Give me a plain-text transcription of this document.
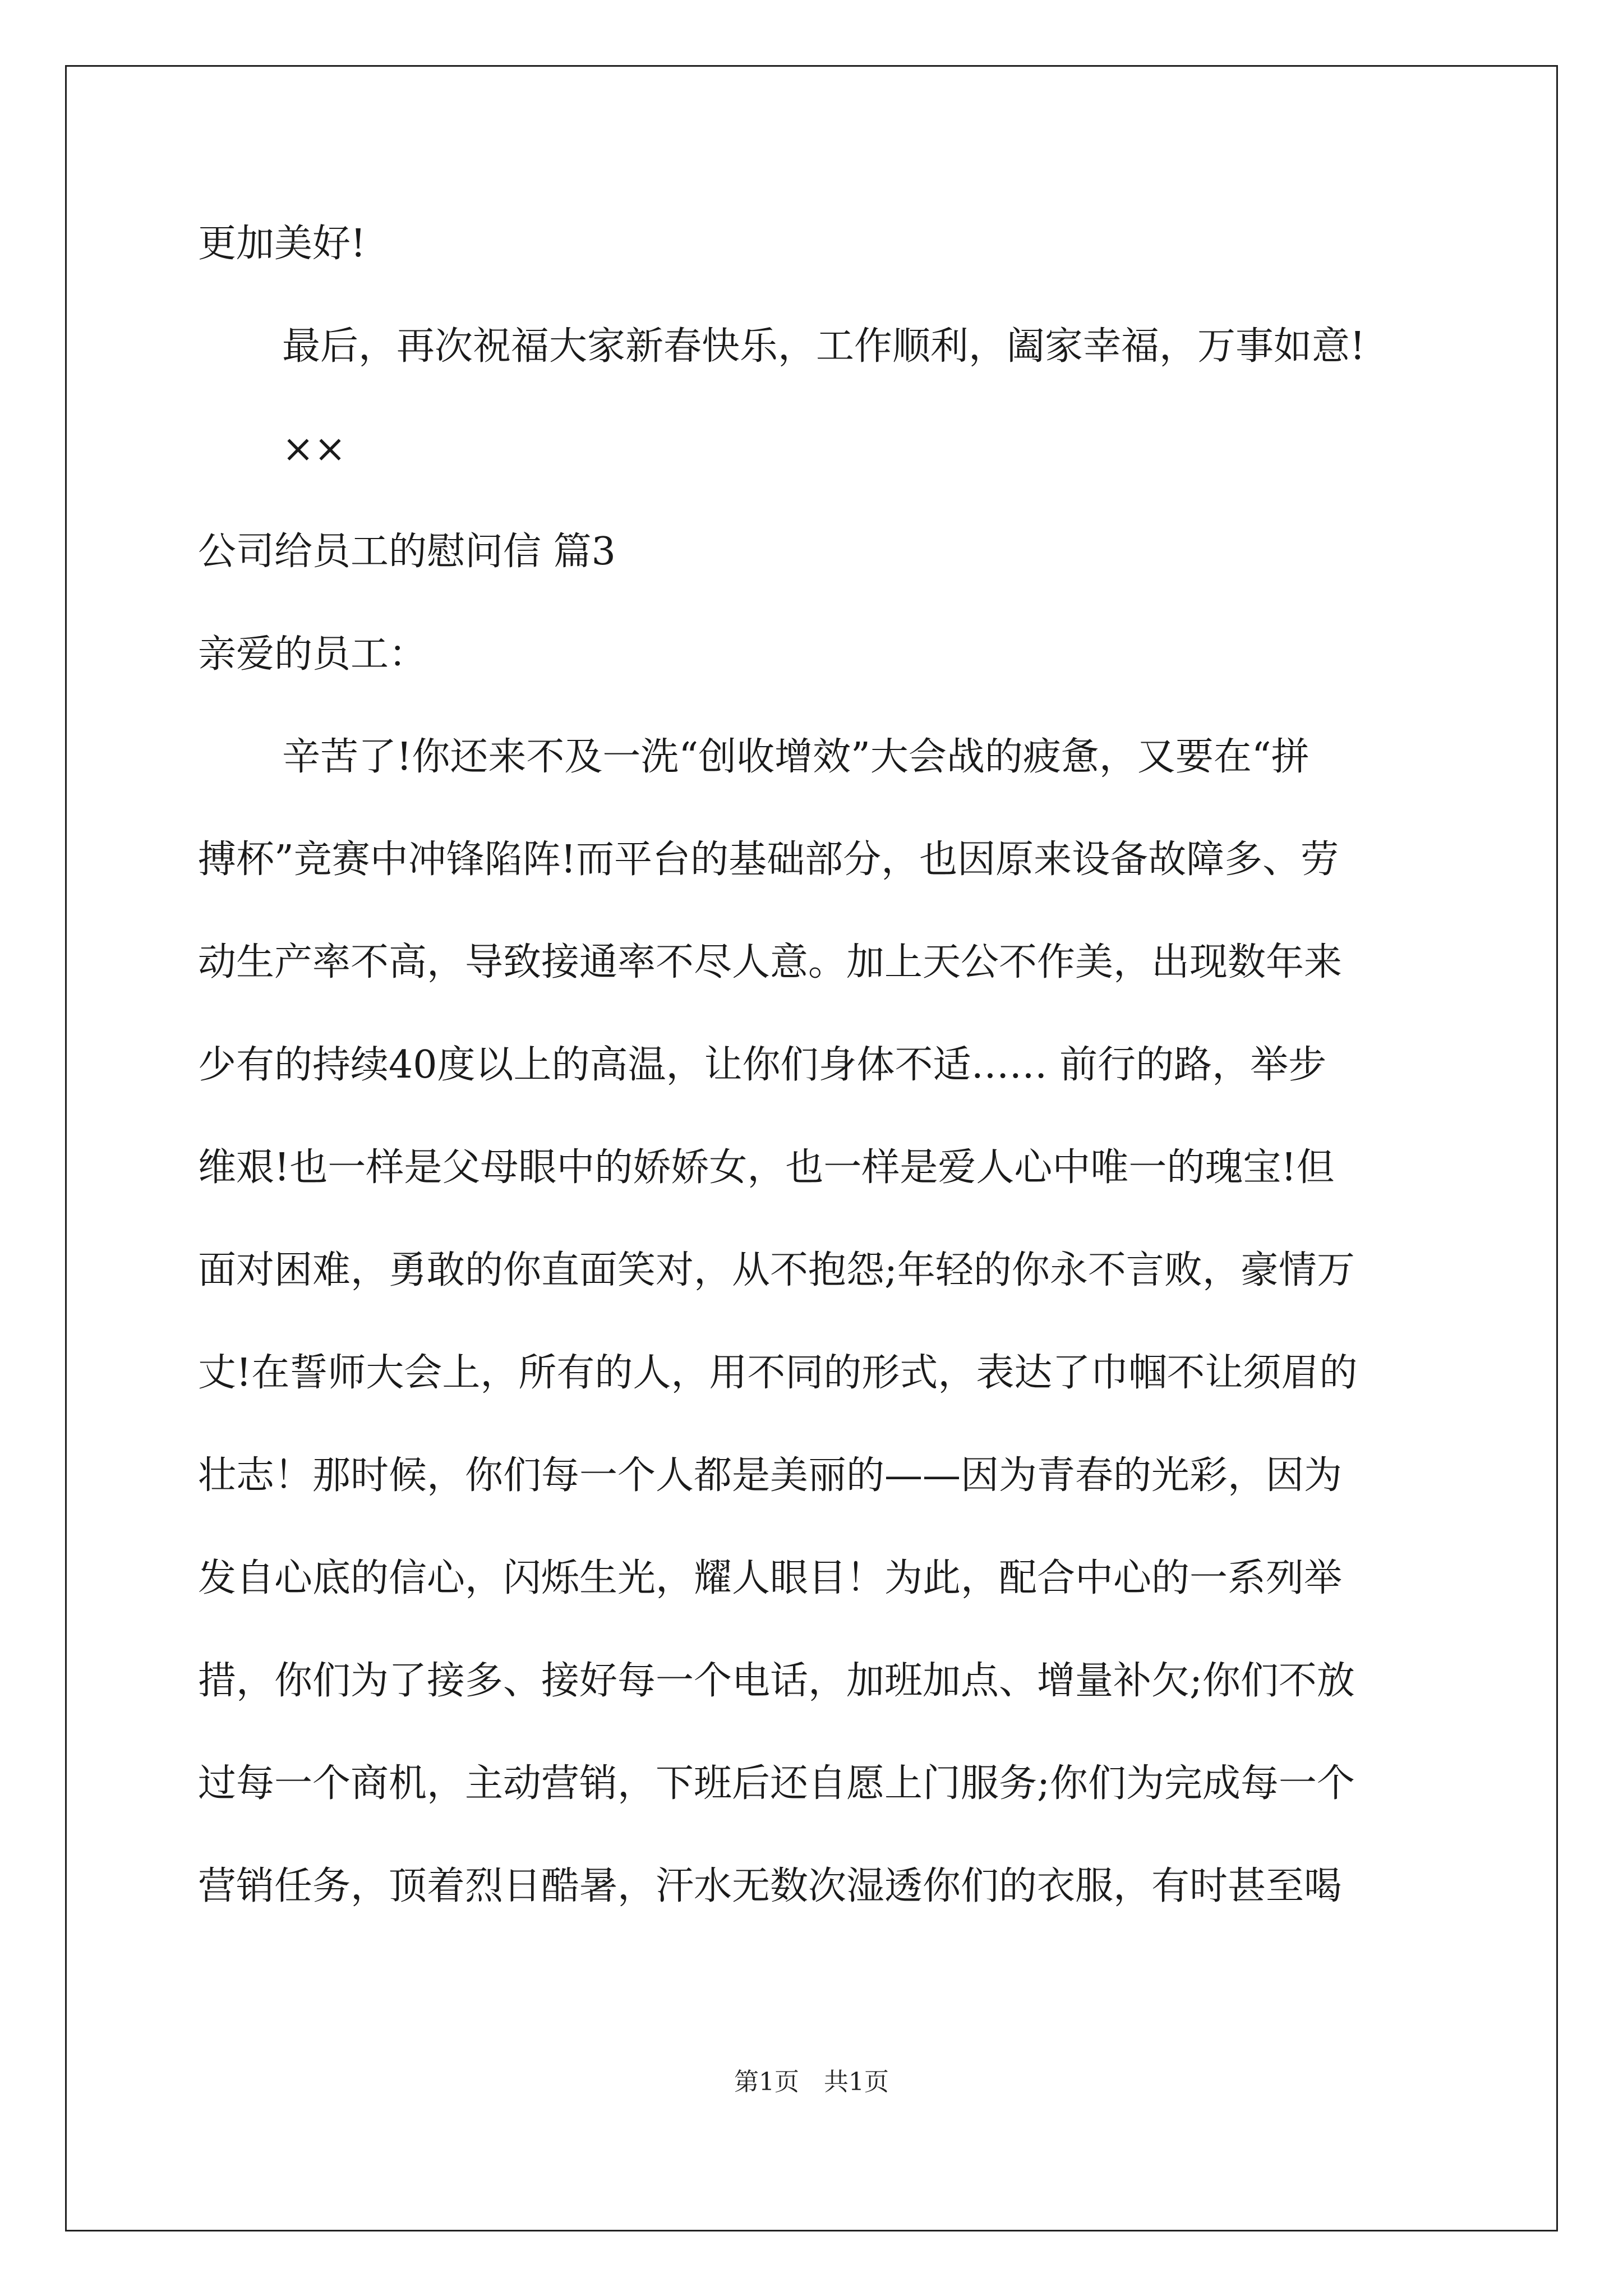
更加美好!
最后，再次祝福大家新春快乐，工作顺利，阖家幸福，万事如意!
××
公司给员工的慰问信 篇3
亲爱的员工：
辛苦了!你还来不及一洗“创收增效”大会战的疲惫，又要在“拼
搏杯”竞赛中冲锋陷阵!而平台的基础部分，也因原来设备故障多、劳
动生产率不高，导致接通率不尽人意。加上天公不作美，出现数年来
少有的持续40度以上的高温，让你们身体不适…… 前行的路，举步
维艰!也一样是父母眼中的娇娇女，也一样是爱人心中唯一的瑰宝!但
面对困难，勇敢的你直面笑对，从不抱怨;年轻的你永不言败，豪情万
丈!在誓师大会上，所有的人，用不同的形式，表达了巾帼不让须眉的
壮志！那时候，你们每一个人都是美丽的——因为青春的光彩，因为
发自心底的信心，闪烁生光，耀人眼目！为此，配合中心的一系列举
措，你们为了接多、接好每一个电话，加班加点、增量补欠;你们不放
过每一个商机，主动营销，下班后还自愿上门服务;你们为完成每一个
营销任务，顶着烈日酷暑，汗水无数次湿透你们的衣服，有时甚至喝
第1页　共1页
